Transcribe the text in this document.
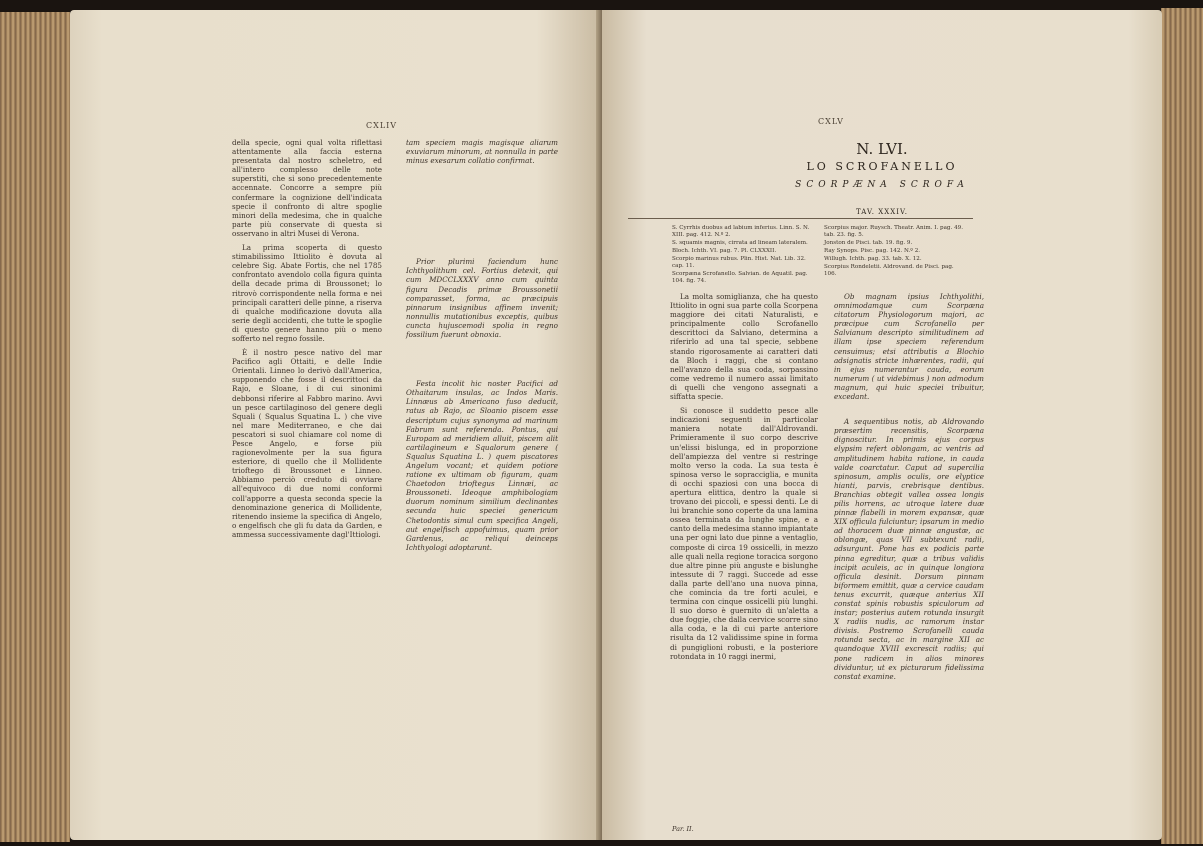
CXLIV

della specie, ogni qual volta riflettasi attentamente alla faccia esterna presentata dal nostro scheletro, ed all'intero complesso delle note superstiti, che si sono precedentemente accennate. Concorre a sempre più confermare la cognizione dell'indicata specie il confronto di altre spoglie minori della medesima, che in qualche parte più conservate di questa si osservano in altri Musei di Verona.

La prima scoperta di questo stimabilissimo Ittiolito è dovuta al celebre Sig. Abate Fortis, che nel 1785 confrontato avendolo colla figura quinta della decade prima di Broussonet; lo ritrovò corrispondente nella forma e nei principali caratteri delle pinne, a riserva di qualche modificazione dovuta alla serie degli accidenti, che tutte le spoglie di questo genere hanno più o meno sofferto nel regno fossile.

È il nostro pesce nativo del mar Pacifico agli Ottaiti, e delle Indie Orientali. Linneo lo derivò dall'America, supponendo che fosse il descrittoci da Rajo, e Sloane, i di cui sinonimi debbonsi riferire al Fabbro marino. Avvi un pesce cartilaginoso del genere degli Squali ( Squalus Squatina L. ) che vive nel mare Mediterraneo, e che dai pescatori si suol chiamare col nome di Pesce Angelo, e forse più ragionevolmente per la sua figura esteriore, di quello che il Mollidente trioftego di Broussonet e Linneo. Abbiamo perciò creduto di ovviare all'equivoco di due nomi conformi coll'apporre a questa seconda specie la denominazione generica di Mollidente, ritenendo insieme la specifica di Angelo, o engelfisch che gli fu data da Garden, e ammessa successivamente dagl'Ittiologi.

tam speciem magis magisque aliarum exuviarum minorum, at nonnulla in parte minus exesarum collatio confirmat.

Prior plurimi faciendum hunc Ichthyolithum cel. Fortius detexit, qui cum MDCCLXXXV anno cum quinta figura Decadis primæ Broussonetii comparasset, forma, ac præcipuis pinnarum insignibus affinem invenit; nonnullis mutationibus exceptis, quibus cuncta hujuscemodi spolia in regno fossilium fuerunt obnoxia.

Festa incolit hic noster Pacifici ad Othaitarum insulas, ac Indos Maris. Linnæus ab Americano fuso deducit, ratus ab Rajo, ac Sloanio piscem esse descriptum cujus synonyma ad marinum Fabrum sunt referenda. Pontus, qui Europam ad meridiem alluit, piscem alit cartilagineum e Squalorum genere ( Squalus Squatina L. ) quem piscatores Angelum vocant; et quidem potiore ratione ex ultimam ob figuram, quam Chaetodon trioftegus Linnæi, ac Broussoneti. Ideoque amphibologiam duorum nominum similium declinantes secunda huic speciei genericum Chetodontis simul cum specifica Angeli, aut engelfisch appofuimus, quam prior Gardenus, ac reliqui deinceps Ichthyologi adoptarunt.

CXLV
N. LVI.
LO SCROFANELLO
SCORPÆNA SCROFA
TAV. XXXIV.
S. Cyrrhis duobus ad labium inferius. Linn. S. N. XIII. pag. 412. N.º 2.
S. squamis magnis, cirrata ad lineam lateralem. Bloch. Ichth. VI. pag. 7. Pl. CLXXXII.
Scorpio marinus rubus. Plin. Hist. Nat. Lib. 32. cap. 11.
Scorpæna Scrofanello. Salvian. de Aquatil. pag. 104. fig. 74.
Scorpius major. Ruysch. Theatr. Anim. I. pag. 49. tab. 23. fig. 5.
Jonston de Pisci. tab. 19. fig. 9.
Ray Synops. Pisc. pag. 142. N.º 2.
Willugh. Ichth. pag. 33. tab. X. 12.
Scorpius Rondeletii. Aldrovand. de Pisci. pag. 106.

La molta somiglianza, che ha questo Ittiolito in ogni sua parte colla Scorpena maggiore dei citati Naturalisti, e principalmente collo Scrofanello descrittoci da Salviano, determina a riferirlo ad una tal specie, sebbene stando rigorosamente ai caratteri dati da Bloch i raggi, che si contano nell'avanzo della sua coda, sorpassino come vedremo il numero assai limitato di quelli che vengono assegnati a siffatta specie.

Si conosce il suddetto pesce alle indicazioni seguenti in particolar maniera notate dall'Aldrovandi. Primieramente il suo corpo descrive un'elissi bislunga, ed in proporzione dell'ampiezza del ventre si restringe molto verso la coda. La sua testa è spinosa verso le sopracciglia, e munita di occhi spaziosi con una bocca di apertura elittica, dentro la quale si trovano dei piccoli, e spessi denti. Le di lui branchie sono coperte da una lamina ossea terminata da lunghe spine, e a canto della medesima stanno impiantate una per ogni lato due pinne a ventaglio, composte di circa 19 ossicelli, in mezzo alle quali nella regione toracica sorgono due altre pinne più anguste e bislunghe intessute di 7 raggi. Succede ad esse dalla parte dell'ano una nuova pinna, che comincia da tre forti aculei, e termina con cinque ossicelli più lunghi. Il suo dorso è guernito di un'aletta a due foggie, che dalla cervice scorre sino alla coda, e la di cui parte anteriore risulta da 12 validissime spine in forma di pungiglioni robusti, e la posteriore rotondata in 10 raggi inermi,

Ob magnam ipsius Ichthyolithi, omnimodamque cum Scorpæna citatorum Physiologorum majori, ac præcipue cum Scrofanello per Salvianum descripto similitudinem ad illam ipse speciem referendum censuimus; etsi attributis a Blochio adsignatis stricte inhærentes, radii, qui in ejus numerantur cauda, eorum numerum ( ut videbimus ) non admodum magnum, qui huic speciei tribuitur, excedant.

A sequentibus notis, ab Aldrovando præsertim recensitis, Scorpæna dignoscitur. In primis ejus corpus elypsim refert oblongam, ac ventris ad amplitudinem habita ratione, in cauda valde coarctatur. Caput ad supercilia spinosum, amplis oculis, ore elyptice hianti, parvis, crebrisque dentibus. Branchias obtegit vallea ossea longis pilis horrens, ac utroque latere duæ pinnæ flabelli in morem expansæ, quæ XIX officula fulciuntur; ipsarum in medio ad thoracem duæ pinnæ angustæ, ac oblongæ, quas VII subtexunt radii, adsurgunt. Pone has ex podicis parte pinna egreditur, quæ a tribus validis incipit aculeis, ac in quinque longiora officula desinit. Dorsum pinnam biformem emittit, quæ a cervice caudam tenus excurrit, quæque anterius XII constat spinis robustis spiculorum ad instar; posterius autem rotunda insurgit X radiis nudis, ac ramorum instar divisis. Postremo Scrofanelli cauda rotunda secta, ac in margine XII ac quandoque XVIII excrescit radiis; qui pone radicem in alios minores dividuntur, ut ex picturarum fidelissima constat examine.

Par. II.
